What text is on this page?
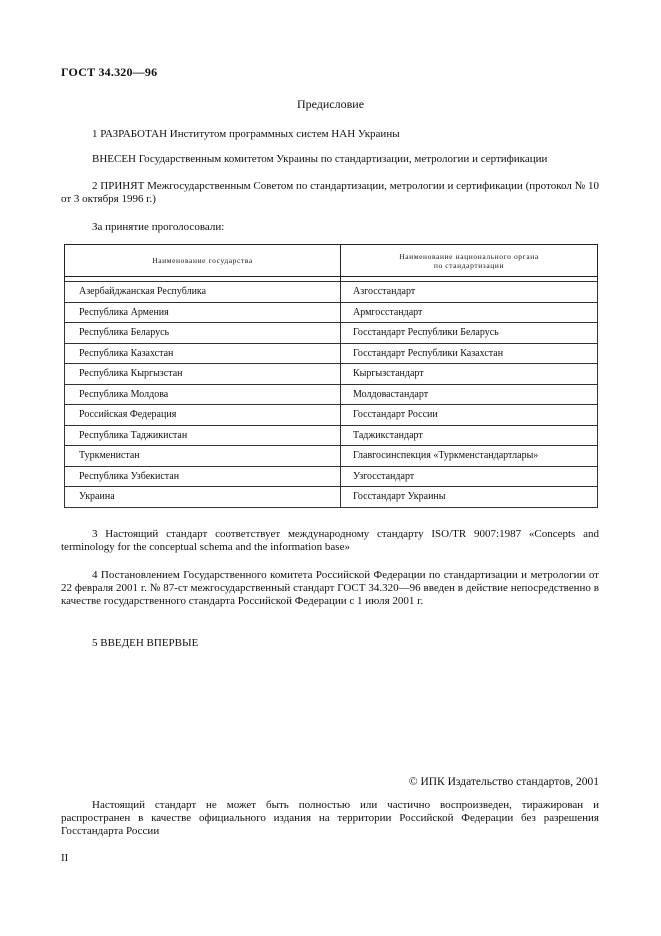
ГОСТ 34.320—96
Предисловие
1 РАЗРАБОТАН Институтом программных систем НАН Украины
ВНЕСЕН Государственным комитетом Украины по стандартизации, метрологии и сертификации
2 ПРИНЯТ Межгосударственным Советом по стандартизации, метрологии и сертификации (протокол № 10 от 3 октября 1996 г.)
За принятие проголосовали:
Наименование государства	Наименование национального органа
по стандартизации

Азербайджанская Республика	Азгосстандарт
Республика Армения	Армгосстандарт
Республика Беларусь	Госстандарт Республики Беларусь
Республика Казахстан	Госстандарт Республики Казахстан
Республика Кыргызстан	Кыргызстандарт
Республика Молдова	Молдовастандарт
Российская Федерация	Госстандарт России
Республика Таджикистан	Таджикстандарт
Туркменистан	Главгосинспекция «Туркменстандартлары»
Республика Узбекистан	Узгосстандарт
Украина	Госстандарт Украины
3 Настоящий стандарт соответствует международному стандарту ISO/TR 9007:1987 «Concepts and terminology for the conceptual schema and the information base»
4 Постановлением Государственного комитета Российской Федерации по стандартизации и метрологии от 22 февраля 2001 г. № 87-ст межгосударственный стандарт ГОСТ 34.320—96 введен в действие непосредственно в качестве государственного стандарта Российской Федерации с 1 июля 2001 г.
5 ВВЕДЕН ВПЕРВЫЕ
© ИПК Издательство стандартов, 2001
Настоящий стандарт не может быть полностью или частично воспроизведен, тиражирован и распространен в качестве официального издания на территории Российской Федерации без разрешения Госстандарта России
II
